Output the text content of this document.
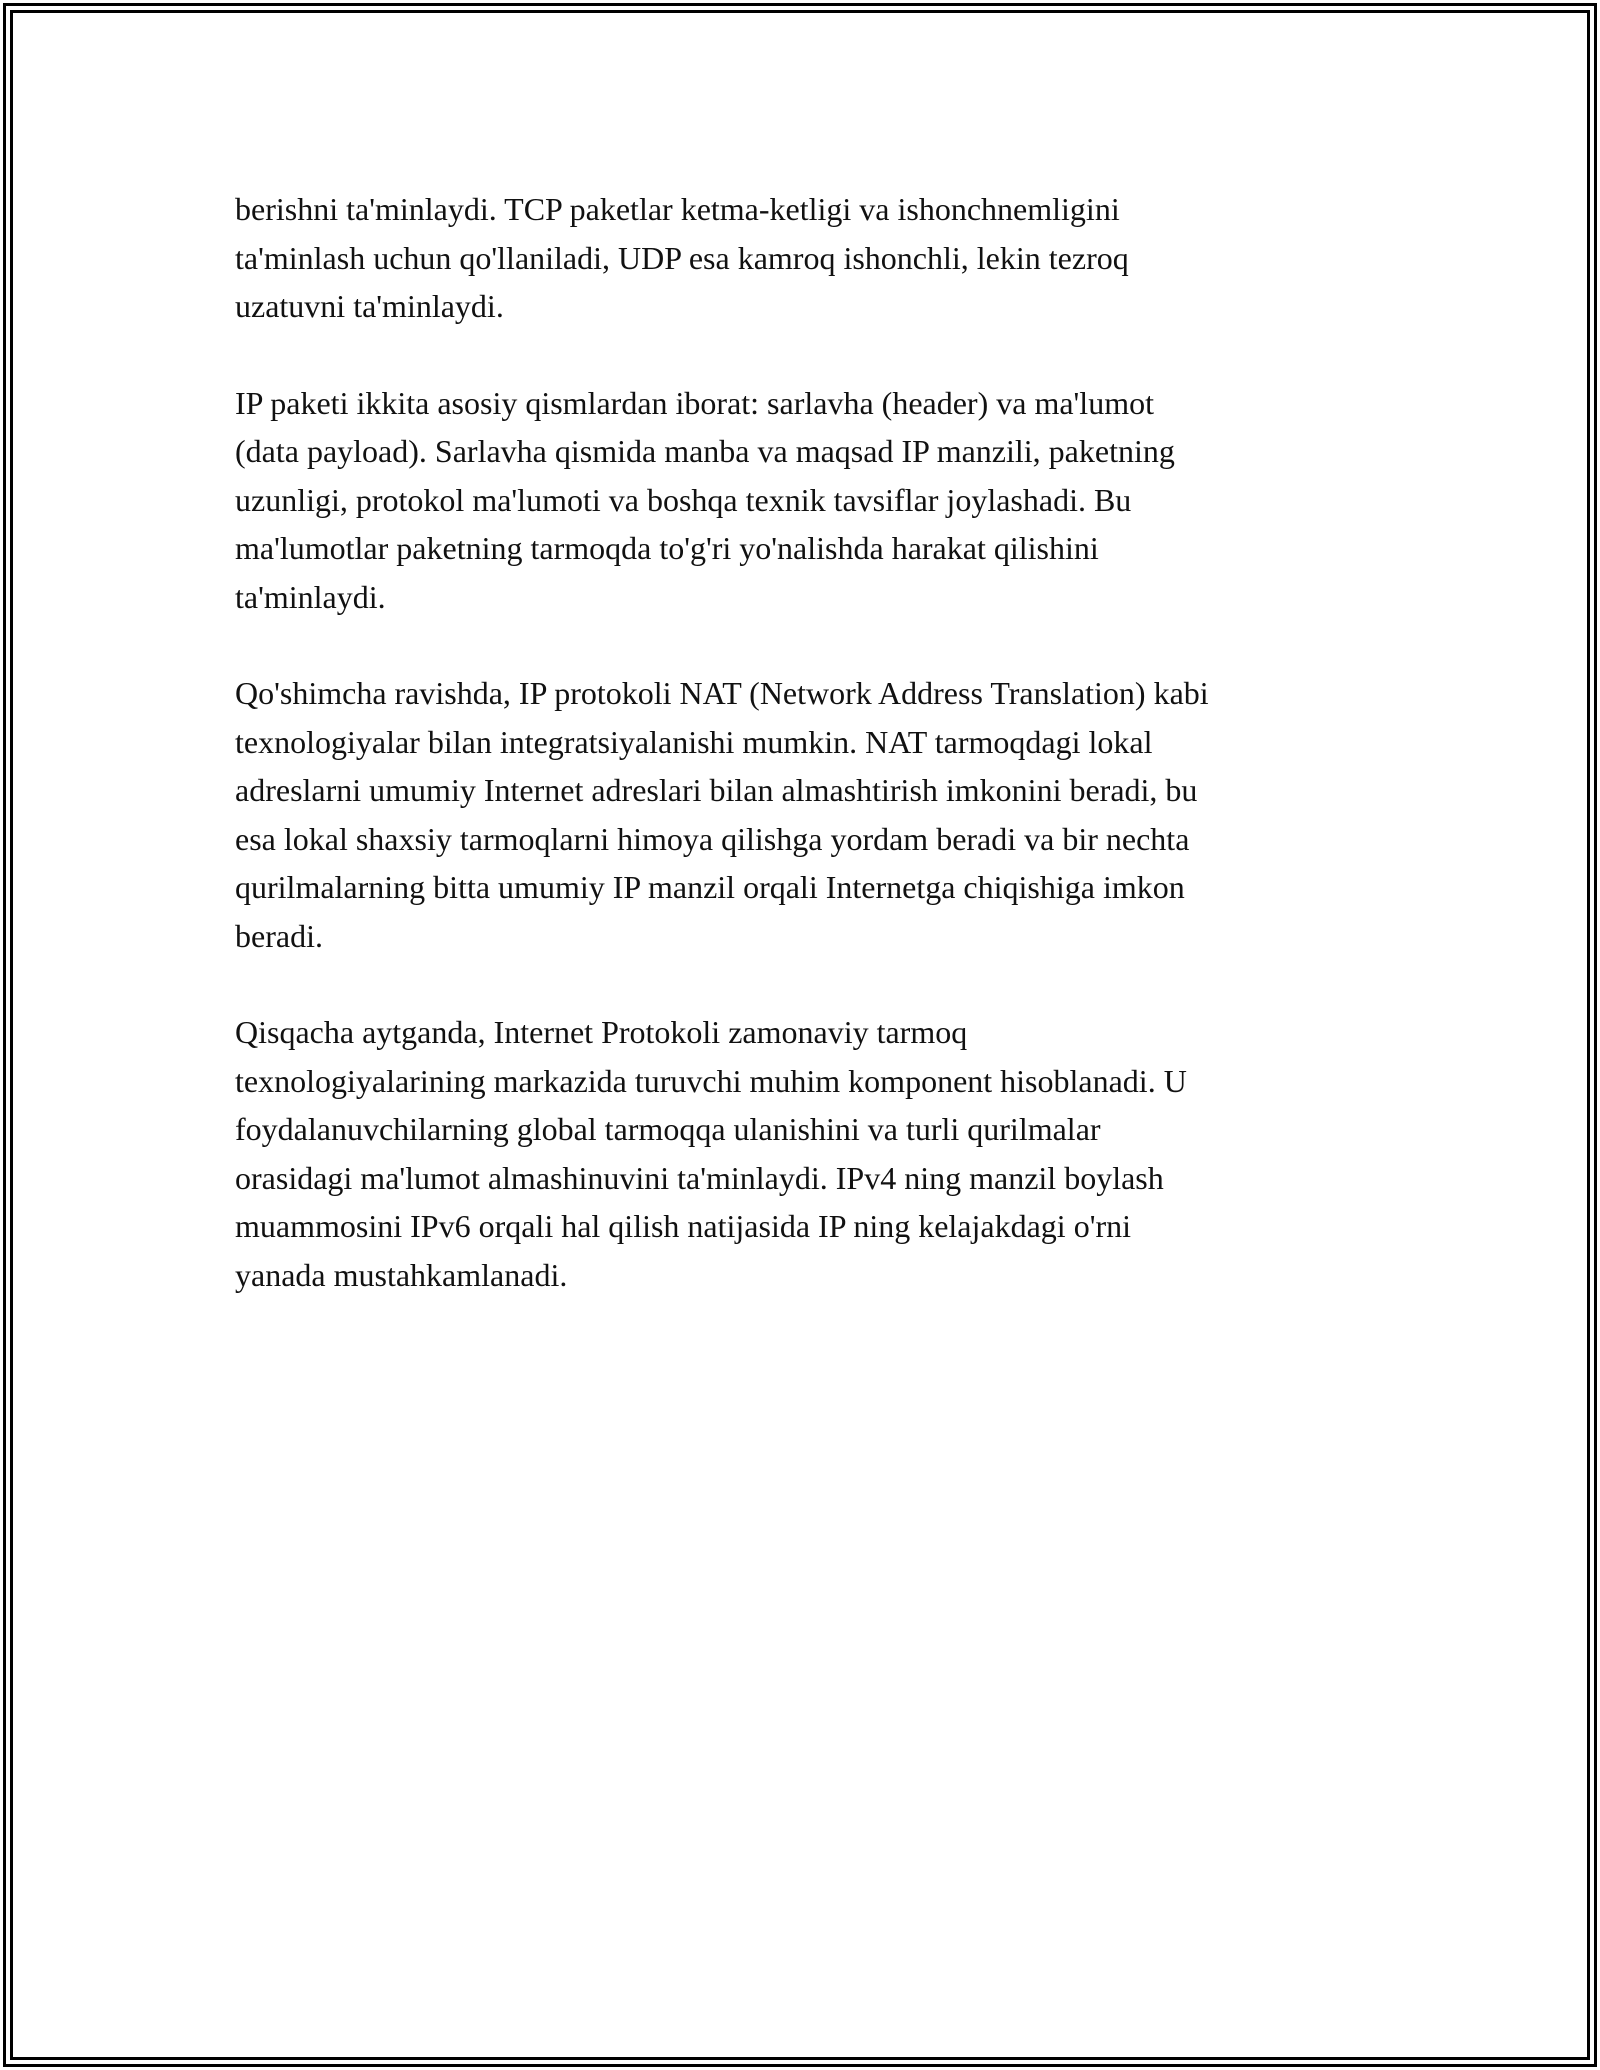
berishni ta'minlaydi. TCP paketlar ketma-ketligi va ishonchnemligini
ta'minlash uchun qo'llaniladi, UDP esa kamroq ishonchli, lekin tezroq
uzatuvni ta'minlaydi.

IP paketi ikkita asosiy qismlardan iborat: sarlavha (header) va ma'lumot
(data payload). Sarlavha qismida manba va maqsad IP manzili, paketning
uzunligi, protokol ma'lumoti va boshqa texnik tavsiflar joylashadi. Bu
ma'lumotlar paketning tarmoqda to'g'ri yo'nalishda harakat qilishini
ta'minlaydi.

Qo'shimcha ravishda, IP protokoli NAT (Network Address Translation) kabi
texnologiyalar bilan integratsiyalanishi mumkin. NAT tarmoqdagi lokal
adreslarni umumiy Internet adreslari bilan almashtirish imkonini beradi, bu
esa lokal shaxsiy tarmoqlarni himoya qilishga yordam beradi va bir nechta
qurilmalarning bitta umumiy IP manzil orqali Internetga chiqishiga imkon
beradi.

Qisqacha aytganda, Internet Protokoli zamonaviy tarmoq
texnologiyalarining markazida turuvchi muhim komponent hisoblanadi. U
foydalanuvchilarning global tarmoqqa ulanishini va turli qurilmalar
orasidagi ma'lumot almashinuvini ta'minlaydi. IPv4 ning manzil boylash
muammosini IPv6 orqali hal qilish natijasida IP ning kelajakdagi o'rni
yanada mustahkamlanadi.
